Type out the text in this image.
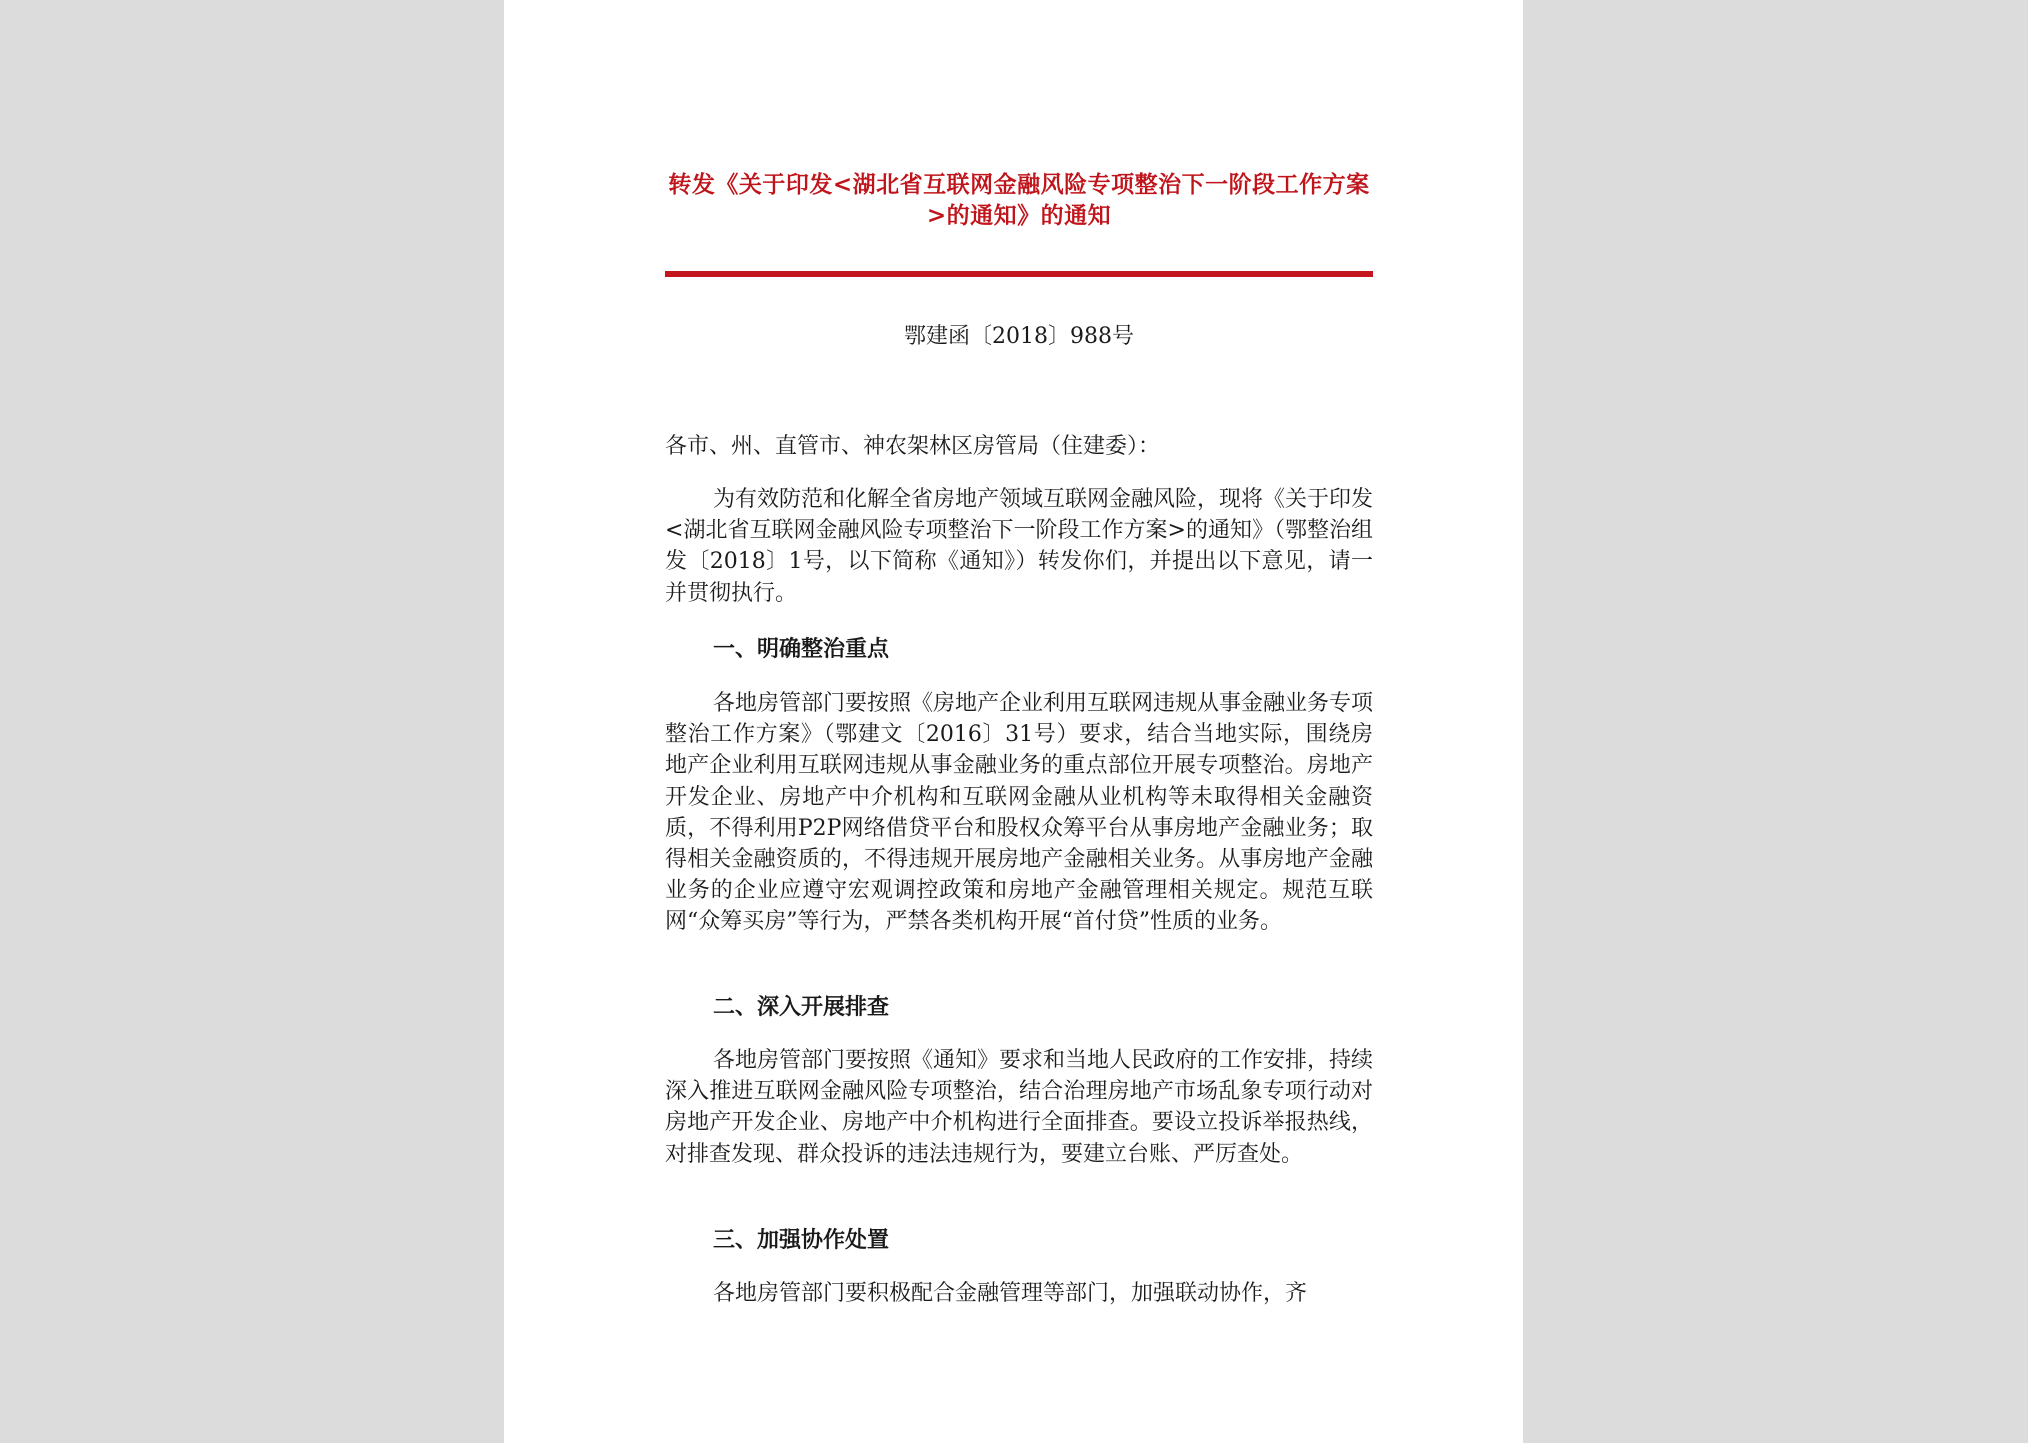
转发《关于印发<湖北省互联网金融风险专项整治下一阶段工作方案>的通知》的通知
鄂建函〔2018〕988号
各市、州、直管市、神农架林区房管局（住建委）：

为有效防范和化解全省房地产领域互联网金融风险，现将《关于印发<湖北省互联网金融风险专项整治下一阶段工作方案>的通知》（鄂整治组发〔2018〕1号，以下简称《通知》）转发你们，并提出以下意见，请一并贯彻执行。

一、明确整治重点

各地房管部门要按照《房地产企业利用互联网违规从事金融业务专项整治工作方案》（鄂建文〔2016〕31号）要求，结合当地实际，围绕房地产企业利用互联网违规从事金融业务的重点部位开展专项整治。房地产开发企业、房地产中介机构和互联网金融从业机构等未取得相关金融资质，不得利用P2P网络借贷平台和股权众筹平台从事房地产金融业务；取得相关金融资质的，不得违规开展房地产金融相关业务。从事房地产金融业务的企业应遵守宏观调控政策和房地产金融管理相关规定。规范互联网“众筹买房”等行为，严禁各类机构开展“首付贷”性质的业务。

二、深入开展排查

各地房管部门要按照《通知》要求和当地人民政府的工作安排，持续深入推进互联网金融风险专项整治，结合治理房地产市场乱象专项行动对房地产开发企业、房地产中介机构进行全面排查。要设立投诉举报热线，对排查发现、群众投诉的违法违规行为，要建立台账、严厉查处。

三、加强协作处置

各地房管部门要积极配合金融管理等部门，加强联动协作，齐
